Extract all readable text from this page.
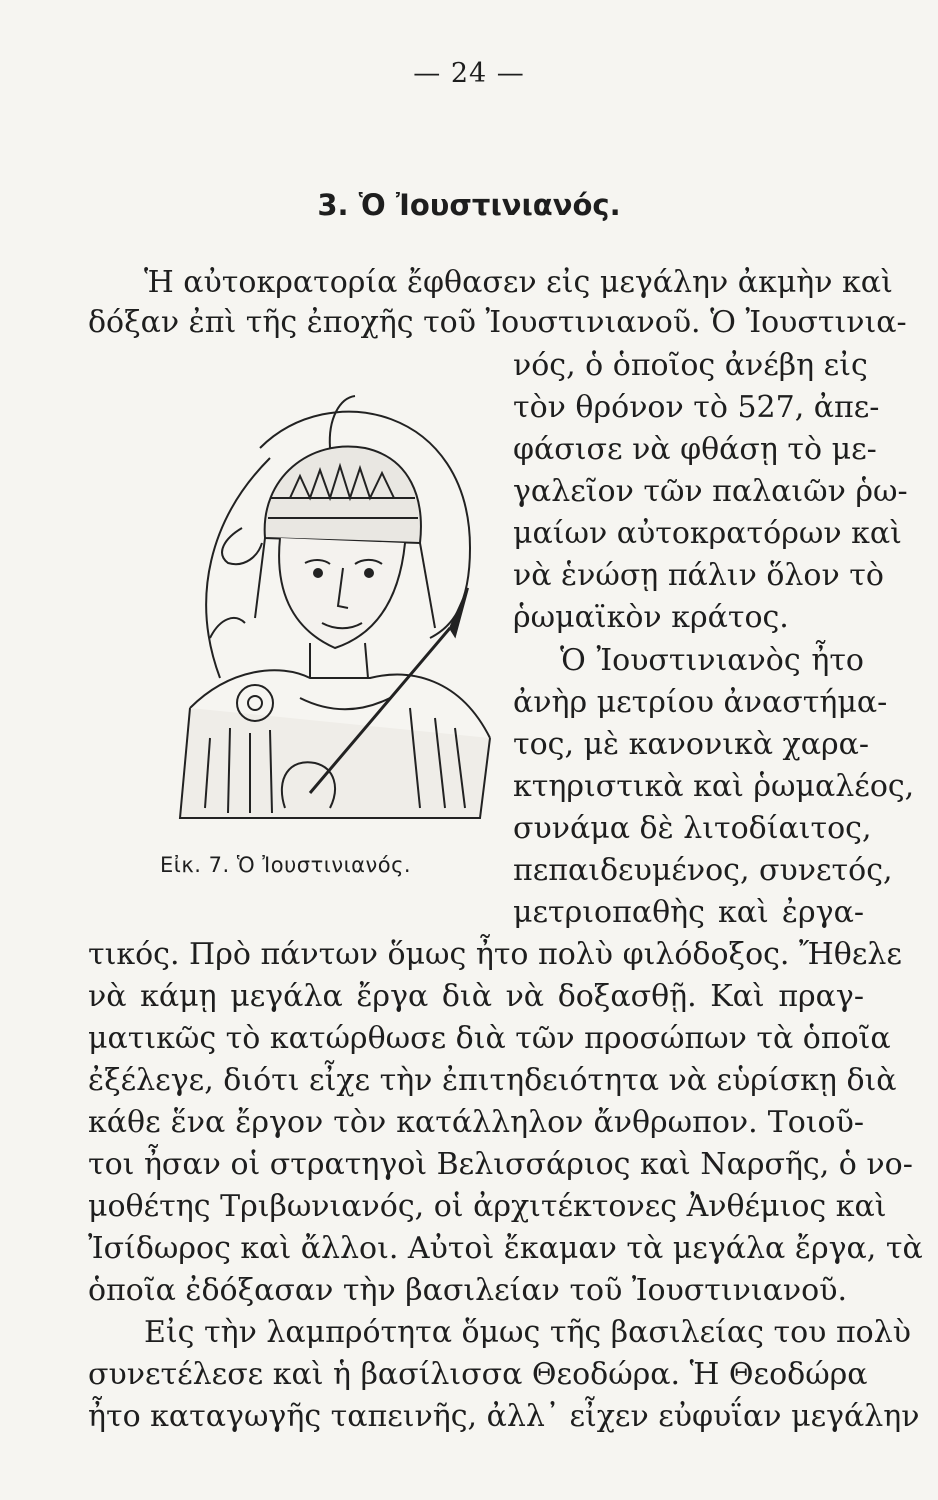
— 24 —
3. Ὁ Ἰουστινιανός.
Ἡ αὐτοκρατορία ἔφθασεν εἰς μεγάλην ἀκμὴν καὶ
δόξαν ἐπὶ τῆς ἐποχῆς τοῦ Ἰουστινιανοῦ. Ὁ Ἰουστινια-
νός, ὁ ὁποῖος ἀνέβη εἰς
τὸν θρόνον τὸ 527, ἀπε-
φάσισε νὰ φθάσῃ τὸ με-
γαλεῖον τῶν παλαιῶν ῥω-
μαίων αὐτοκρατόρων καὶ
νὰ ἑνώσῃ πάλιν ὅλον τὸ
ῥωμαϊκὸν κράτος.
Ὁ Ἰουστινιανὸς ἦτο
ἀνὴρ μετρίου ἀναστήμα-
τος, μὲ κανονικὰ χαρα-
κτηριστικὰ καὶ ῥωμαλέος,
συνάμα δὲ λιτοδίαιτος,
πεπαιδευμένος, συνετός,
μετριοπαθὴς καὶ ἐργα-
τικός. Πρὸ πάντων ὅμως ἦτο πολὺ φιλόδοξος. Ἤθελε
νὰ κάμῃ μεγάλα ἔργα διὰ νὰ δοξασθῇ. Καὶ πραγ-
ματικῶς τὸ κατώρθωσε διὰ τῶν προσώπων τὰ ὁποῖα
ἐξέλεγε, διότι εἶχε τὴν ἐπιτηδειότητα νὰ εὑρίσκῃ διὰ
κάθε ἕνα ἔργον τὸν κατάλληλον ἄνθρωπον. Τοιοῦ-
τοι ἦσαν οἱ στρατηγοὶ Βελισσάριος καὶ Ναρσῆς, ὁ νο-
μοθέτης Τριβωνιανός, οἱ ἀρχιτέκτονες Ἀνθέμιος καὶ
Ἰσίδωρος καὶ ἄλλοι. Αὐτοὶ ἔκαμαν τὰ μεγάλα ἔργα, τὰ
ὁποῖα ἐδόξασαν τὴν βασιλείαν τοῦ Ἰουστινιανοῦ.
Εἰς τὴν λαμπρότητα ὅμως τῆς βασιλείας του πολὺ
συνετέλεσε καὶ ἡ βασίλισσα Θεοδώρα. Ἡ Θεοδώρα
ἦτο καταγωγῆς ταπεινῆς, ἀλλ᾽ εἶχεν εὐφυΐαν μεγάλην
Εἰκ. 7. Ὁ Ἰουστινιανός.
